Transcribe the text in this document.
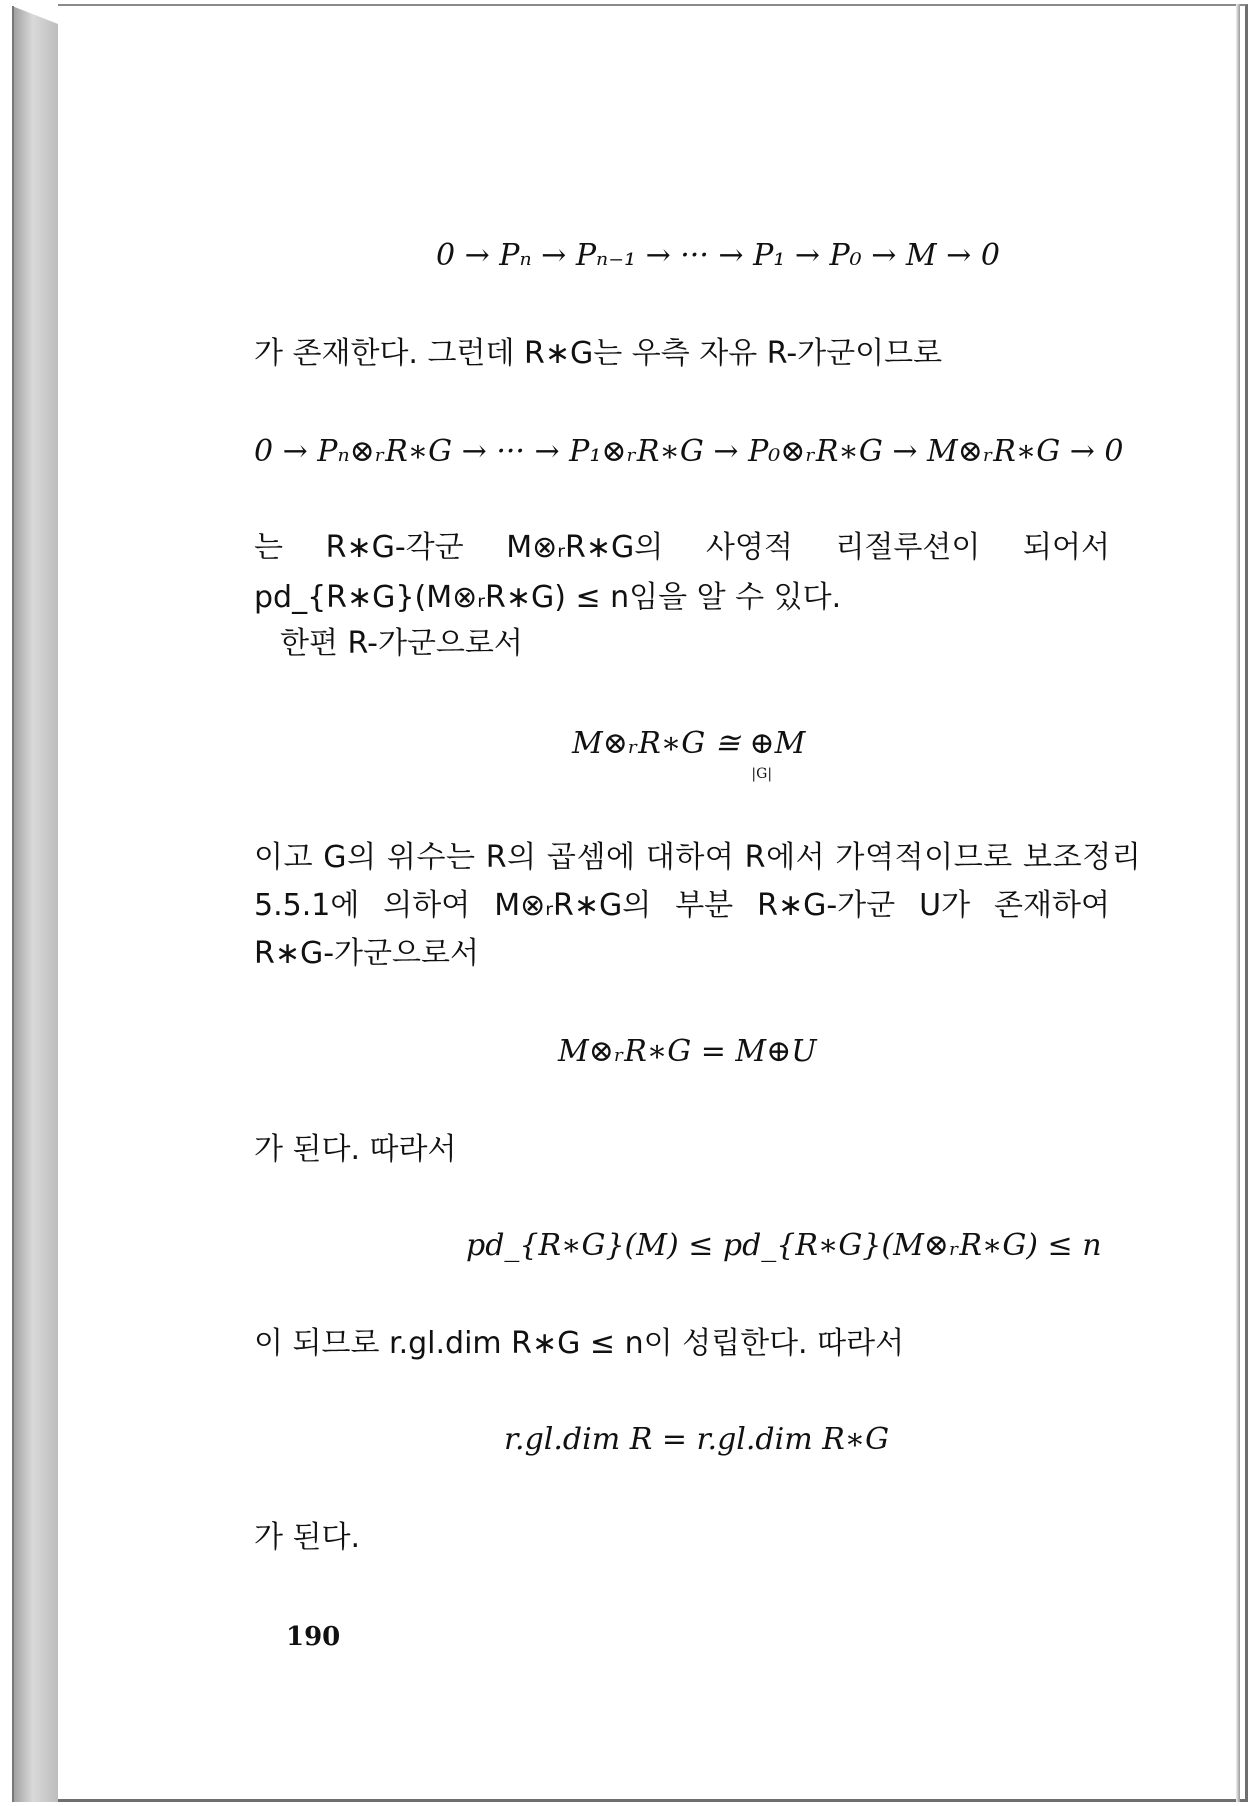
0 → Pₙ → Pₙ₋₁ → ··· → P₁ → P₀ → M → 0
가 존재한다. 그런데 R∗G는 우측 자유 R-가군이므로
0 → Pₙ⊗ᵣR∗G → ··· → P₁⊗ᵣR∗G → P₀⊗ᵣR∗G → M⊗ᵣR∗G → 0
는 R∗G-각군 M⊗ᵣR∗G의 사영적 리절루션이 되어서
pd_{R∗G}(M⊗ᵣR∗G) ≤ n임을 알 수 있다.
한편 R-가군으로서
M⊗ᵣR∗G ≅ ⊕
|G|
M
이고 G의 위수는 R의 곱셈에 대하여 R에서 가역적이므로 보조정리
5.5.1에 의하여 M⊗ᵣR∗G의 부분 R∗G-가군 U가 존재하여
R∗G-가군으로서
M⊗ᵣR∗G = M⊕U
가 된다. 따라서
pd_{R∗G}(M) ≤ pd_{R∗G}(M⊗ᵣR∗G) ≤ n
이 되므로 r.gl.dim R∗G ≤ n이 성립한다. 따라서
r.gl.dim R = r.gl.dim R∗G
가 된다.
190
